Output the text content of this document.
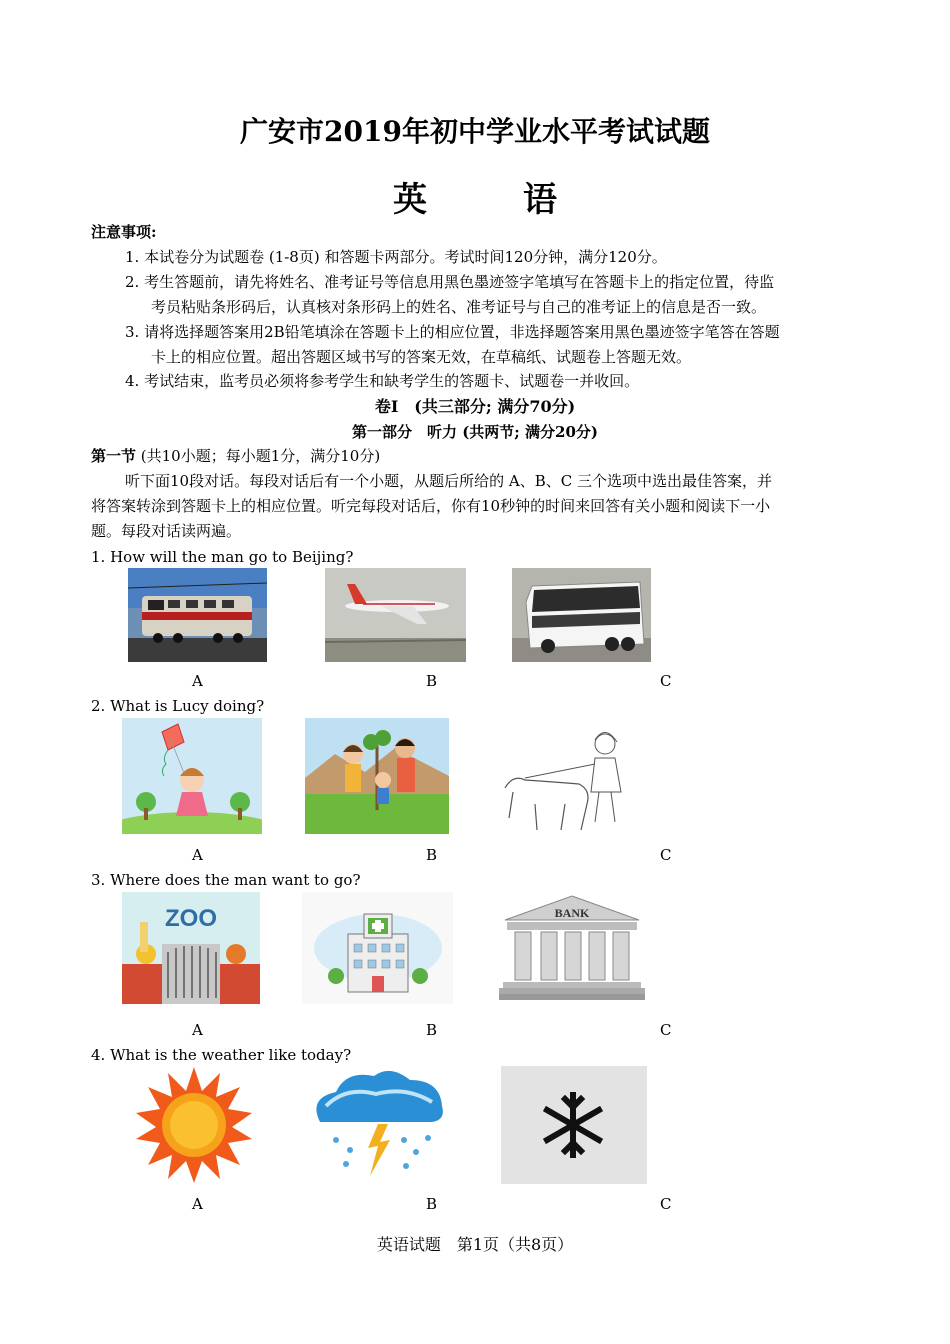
广安市2019年初中学业水平考试试题
英	语
注意事项:
1. 本试卷分为试题卷 (1-8页) 和答题卡两部分。考试时间120分钟，满分120分。
2. 考生答题前，请先将姓名、准考证号等信息用黑色墨迹签字笔填写在答题卡上的指定位置，待监
考员粘贴条形码后，认真核对条形码上的姓名、准考证号与自己的准考证上的信息是否一致。
3. 请将选择题答案用2B铅笔填涂在答题卡上的相应位置，非选择题答案用黑色墨迹签字笔答在答题
卡上的相应位置。超出答题区域书写的答案无效，在草稿纸、试题卷上答题无效。
4. 考试结束，监考员必须将参考学生和缺考学生的答题卡、试题卷一并收回。
卷I　(共三部分; 满分70分)
第一部分　听力 (共两节; 满分20分)
第一节 (共10小题；每小题1分，满分10分)
听下面10段对话。每段对话后有一个小题，从题后所给的 A、B、C 三个选项中选出最佳答案，并
将答案转涂到答题卡上的相应位置。听完每段对话后，你有10秒钟的时间来回答有关小题和阅读下一小
题。每段对话读两遍。
1. How will the man go to Beijing?
A	B	C
2. What is Lucy doing?
A	B	C
3. Where does the man want to go?
ZOO	BANK
A	B	C
4. What is the weather like today?
A	B	C
英语试题　第1页（共8页）
